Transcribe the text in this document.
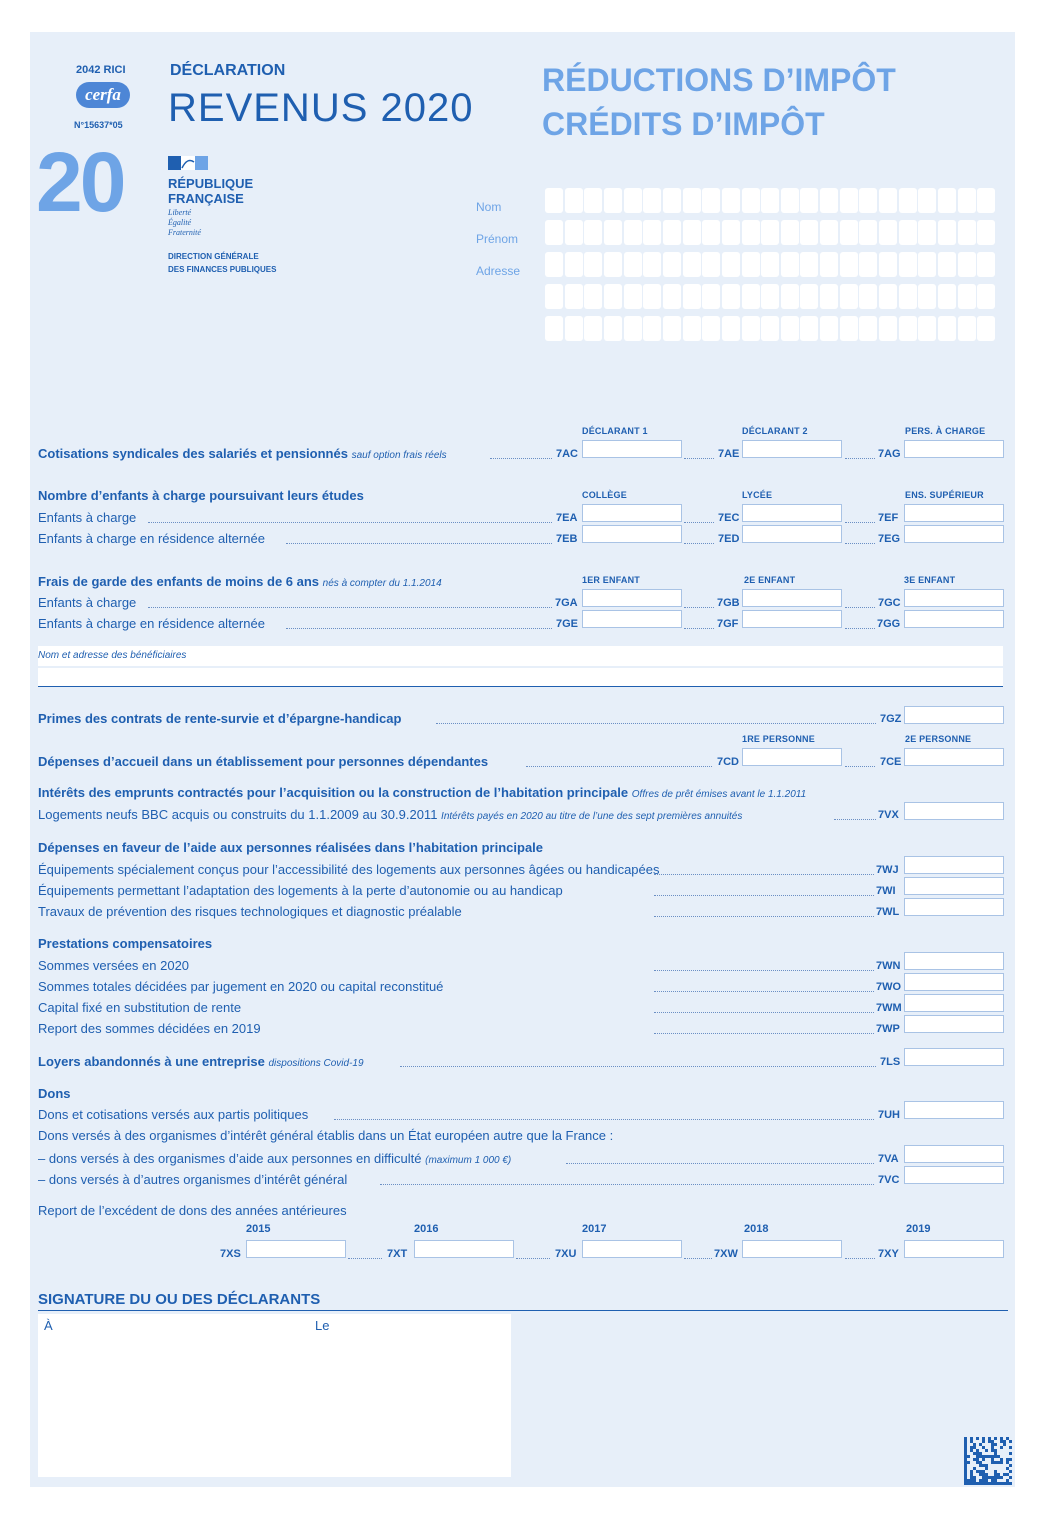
2042 RICI
cerfa
N°15637*05
20	RÉPUBLIQUE
FRANÇAISE
Liberté
Égalité
Fraternité
DIRECTION GÉNÉRALE
DES FINANCES PUBLIQUES
DÉCLARATION
REVENUS 2020
RÉDUCTIONS D’IMPÔT
CRÉDITS D’IMPÔT
Nom
Prénom
Adresse
DÉCLARANT 1	DÉCLARANT 2	PERS. À CHARGE
Cotisations syndicales des salariés et pensionnés sauf option frais réels	7AC	7AE	7AG
Nombre d’enfants à charge poursuivant leurs études	COLLÈGE	LYCÉE	ENS. SUPÉRIEUR
Enfants à charge	7EA	7EC	7EF
Enfants à charge en résidence alternée	7EB	7ED	7EG
Frais de garde des enfants de moins de 6 ans nés à compter du 1.1.2014	1ER ENFANT	2E ENFANT	3E ENFANT
Enfants à charge	7GA	7GB	7GC
Enfants à charge en résidence alternée	7GE	7GF	7GG
Nom et adresse des bénéficiaires
Primes des contrats de rente-survie et d’épargne-handicap	7GZ
1RE PERSONNE	2E PERSONNE
Dépenses d’accueil dans un établissement pour personnes dépendantes	7CD	7CE
Intérêts des emprunts contractés pour l’acquisition ou la construction de l’habitation principale Offres de prêt émises avant le 1.1.2011
Logements neufs BBC acquis ou construits du 1.1.2009 au 30.9.2011 Intérêts payés en 2020 au titre de l’une des sept premières annuités	7VX
Dépenses en faveur de l’aide aux personnes réalisées dans l’habitation principale
Équipements spécialement conçus pour l’accessibilité des logements aux personnes âgées ou handicapées	7WJ
Équipements permettant l’adaptation des logements à la perte d’autonomie ou au handicap	7WI
Travaux de prévention des risques technologiques et diagnostic préalable	7WL
Prestations compensatoires
Sommes versées en 2020	7WN
Sommes totales décidées par jugement en 2020 ou capital reconstitué	7WO
Capital fixé en substitution de rente	7WM
Report des sommes décidées en 2019	7WP
Loyers abandonnés à une entreprise dispositions Covid-19	7LS
Dons
Dons et cotisations versés aux partis politiques	7UH
Dons versés à des organismes d’intérêt général établis dans un État européen autre que la France :
– dons versés à des organismes d’aide aux personnes en difficulté (maximum 1 000 €)	7VA
– dons versés à d’autres organismes d’intérêt général	7VC
Report de l’excédent de dons des années antérieures
2015	2016	2017	2018	2019
7XS	7XT	7XU	7XW	7XY
SIGNATURE DU OU DES DÉCLARANTS
À	Le
